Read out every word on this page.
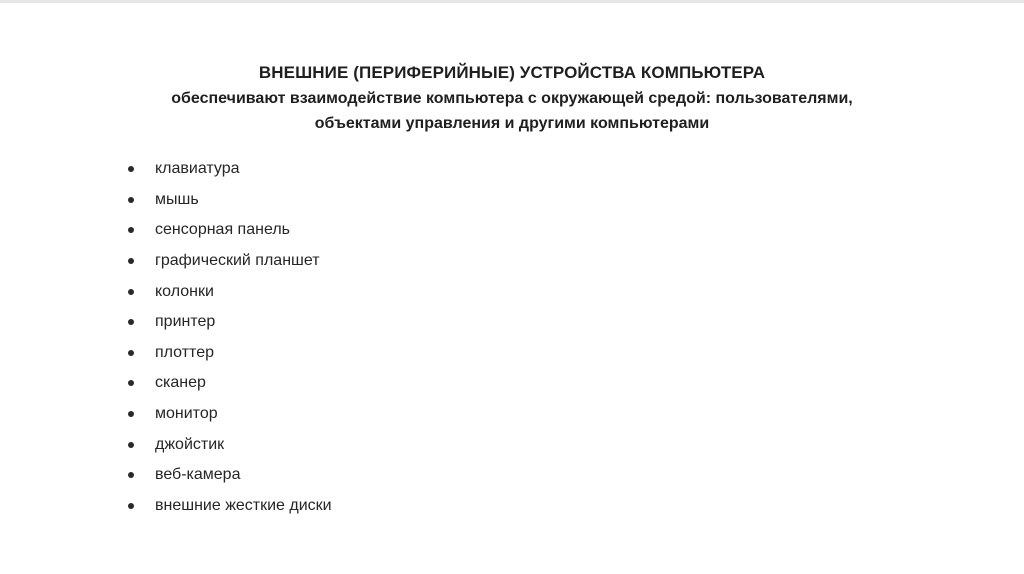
ВНЕШНИЕ (ПЕРИФЕРИЙНЫЕ) УСТРОЙСТВА КОМПЬЮТЕРА

обеспечивают взаимодействие компьютера с окружающей средой: пользователями,

объектами управления и другими компьютерами

клавиатура
мышь
сенсорная панель
графический планшет
колонки
принтер
плоттер
сканер
монитор
джойстик
веб-камера
внешние жесткие диски
